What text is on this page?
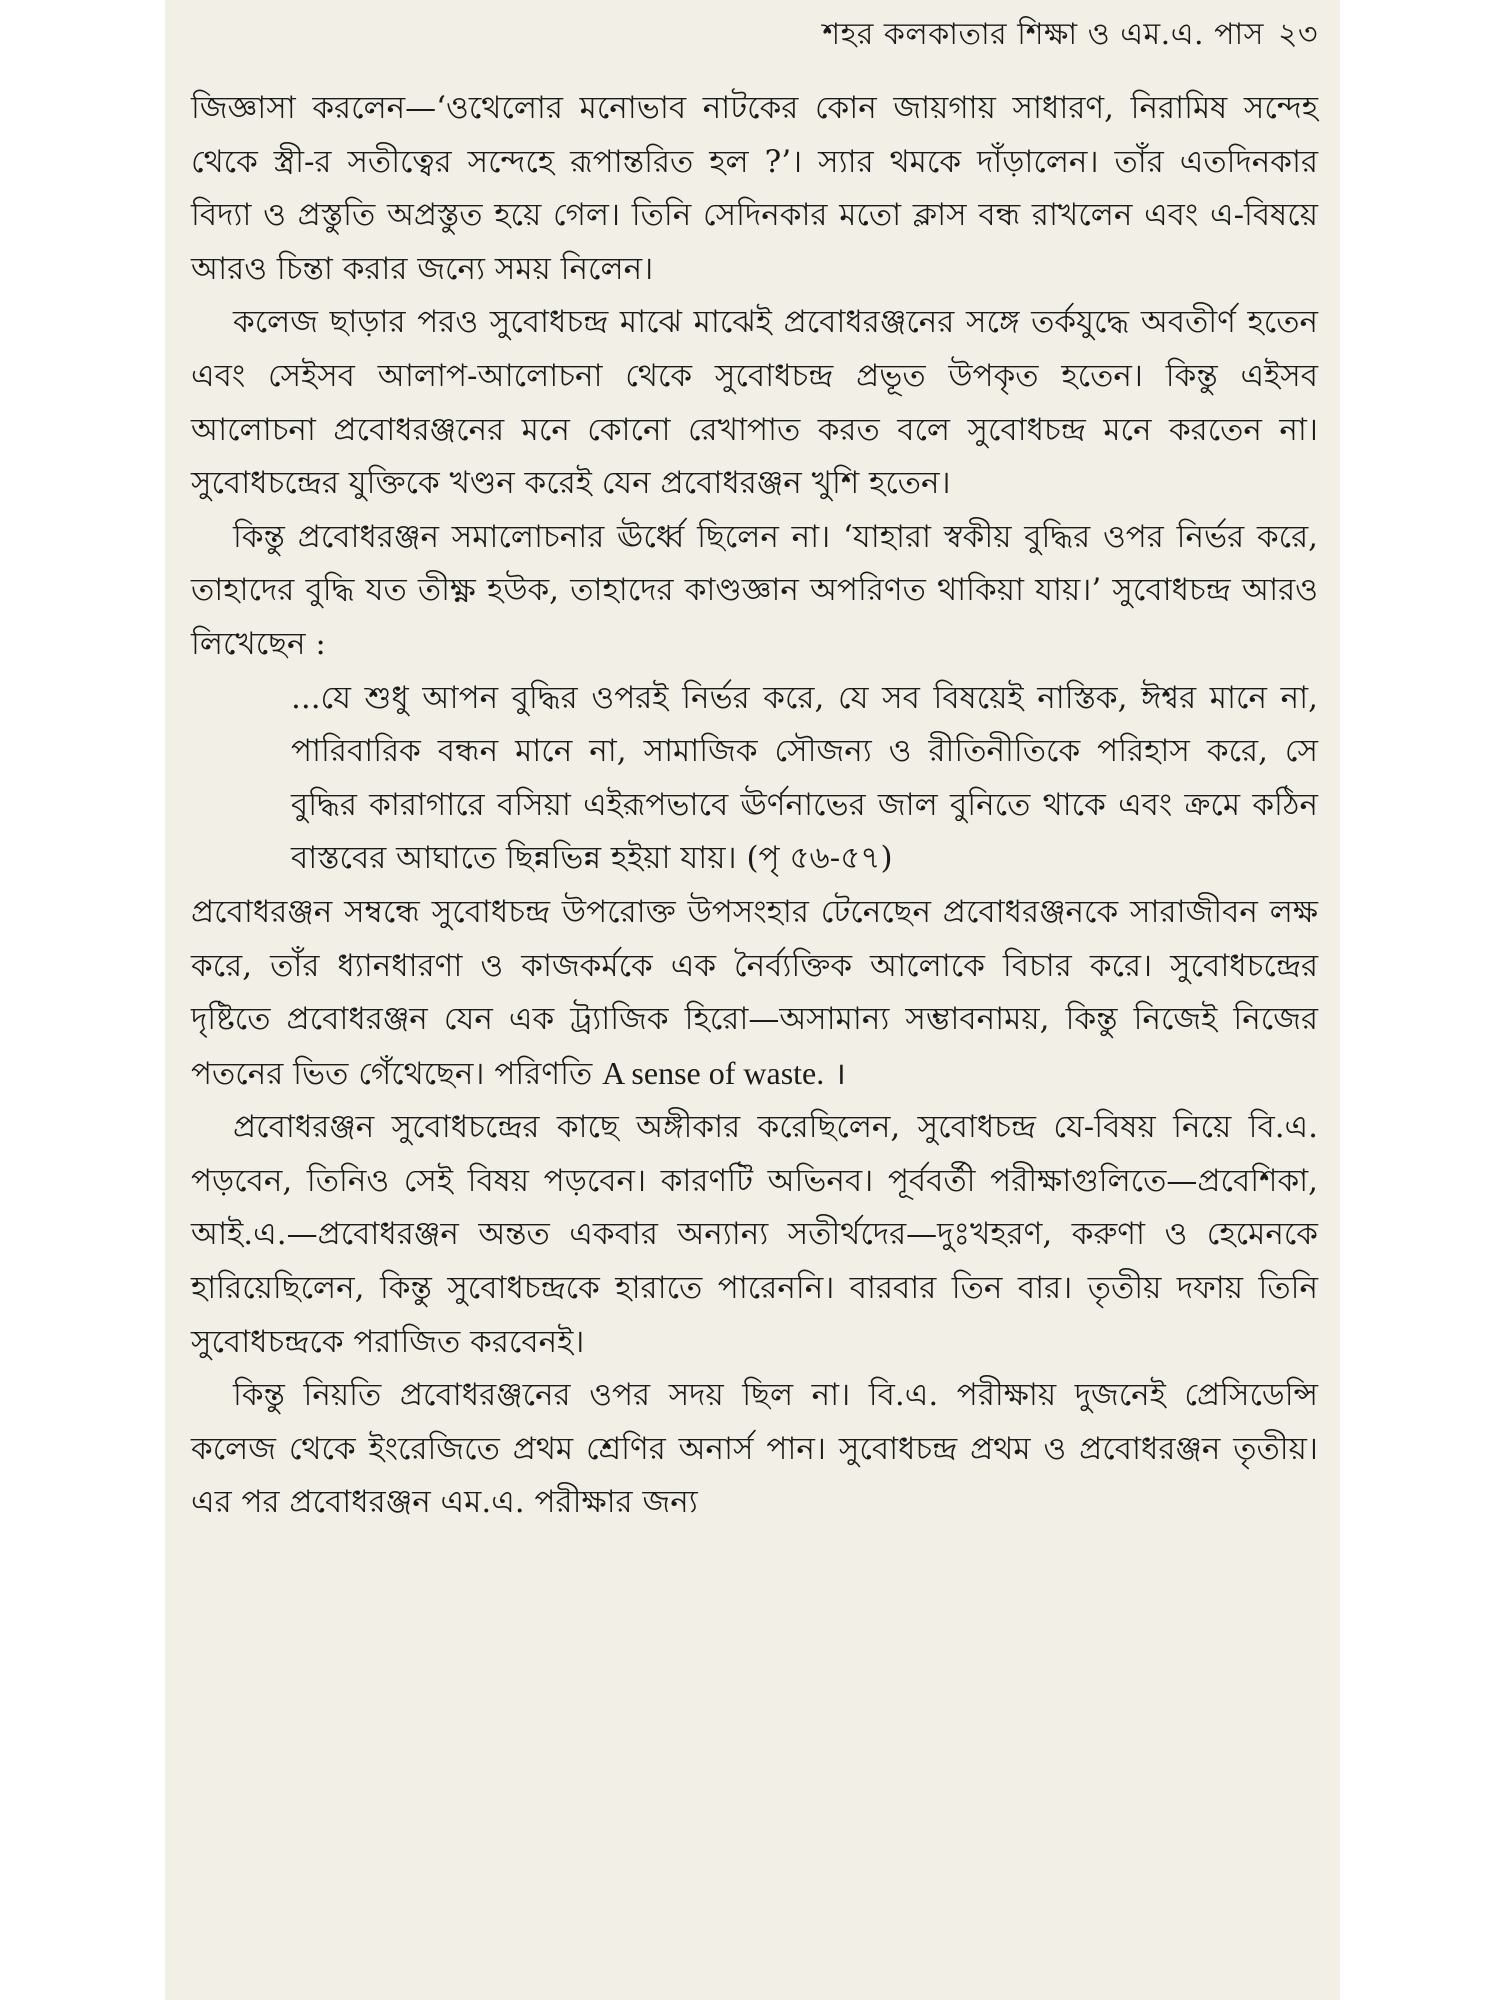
শহর কলকাতার শিক্ষা ও এম.এ. পাস ২৩

জিজ্ঞাসা করলেন—‘ওথেলোর মনোভাব নাটকের কোন জায়গায় সাধারণ, নিরামিষ সন্দেহ থেকে স্ত্রী-র সতীত্বের সন্দেহে রূপান্তরিত হল ?’। স্যার থমকে দাঁড়ালেন। তাঁর এতদিনকার বিদ্যা ও প্রস্তুতি অপ্রস্তুত হয়ে গেল। তিনি সেদিনকার মতো ক্লাস বন্ধ রাখলেন এবং এ-বিষয়ে আরও চিন্তা করার জন্যে সময় নিলেন।

কলেজ ছাড়ার পরও সুবোধচন্দ্র মাঝে মাঝেই প্রবোধরঞ্জনের সঙ্গে তর্কযুদ্ধে অবতীর্ণ হতেন এবং সেইসব আলাপ-আলোচনা থেকে সুবোধচন্দ্র প্রভূত উপকৃত হতেন। কিন্তু এইসব আলোচনা প্রবোধরঞ্জনের মনে কোনো রেখাপাত করত বলে সুবোধচন্দ্র মনে করতেন না। সুবোধচন্দ্রের যুক্তিকে খণ্ডন করেই যেন প্রবোধরঞ্জন খুশি হতেন।

কিন্তু প্রবোধরঞ্জন সমালোচনার ঊর্ধ্বে ছিলেন না। ‘যাহারা স্বকীয় বুদ্ধির ওপর নির্ভর করে, তাহাদের বুদ্ধি যত তীক্ষ্ণ হউক, তাহাদের কাণ্ডজ্ঞান অপরিণত থাকিয়া যায়।’ সুবোধচন্দ্র আরও লিখেছেন :

...যে শুধু আপন বুদ্ধির ওপরই নির্ভর করে, যে সব বিষয়েই নাস্তিক, ঈশ্বর মানে না, পারিবারিক বন্ধন মানে না, সামাজিক সৌজন্য ও রীতিনীতিকে পরিহাস করে, সে বুদ্ধির কারাগারে বসিয়া এইরূপভাবে ঊর্ণনাভের জাল বুনিতে থাকে এবং ক্রমে কঠিন বাস্তবের আঘাতে ছিন্নভিন্ন হইয়া যায়। (পৃ ৫৬-৫৭)

প্রবোধরঞ্জন সম্বন্ধে সুবোধচন্দ্র উপরোক্ত উপসংহার টেনেছেন প্রবোধরঞ্জনকে সারাজীবন লক্ষ করে, তাঁর ধ্যানধারণা ও কাজকর্মকে এক নৈর্ব্যক্তিক আলোকে বিচার করে। সুবোধচন্দ্রের দৃষ্টিতে প্রবোধরঞ্জন যেন এক ট্র্যাজিক হিরো—অসামান্য সম্ভাবনাময়, কিন্তু নিজেই নিজের পতনের ভিত গেঁথেছেন। পরিণতি A sense of waste. ।

প্রবোধরঞ্জন সুবোধচন্দ্রের কাছে অঙ্গীকার করেছিলেন, সুবোধচন্দ্র যে-বিষয় নিয়ে বি.এ. পড়বেন, তিনিও সেই বিষয় পড়বেন। কারণটি অভিনব। পূর্ববর্তী পরীক্ষাগুলিতে—প্রবেশিকা, আই.এ.—প্রবোধরঞ্জন অন্তত একবার অন্যান্য সতীর্থদের—দুঃখহরণ, করুণা ও হেমেনকে হারিয়েছিলেন, কিন্তু সুবোধচন্দ্রকে হারাতে পারেননি। বারবার তিন বার। তৃতীয় দফায় তিনি সুবোধচন্দ্রকে পরাজিত করবেনই।

কিন্তু নিয়তি প্রবোধরঞ্জনের ওপর সদয় ছিল না। বি.এ. পরীক্ষায় দুজনেই প্রেসিডেন্সি কলেজ থেকে ইংরেজিতে প্রথম শ্রেণির অনার্স পান। সুবোধচন্দ্র প্রথম ও প্রবোধরঞ্জন তৃতীয়। এর পর প্রবোধরঞ্জন এম.এ. পরীক্ষার জন্য
